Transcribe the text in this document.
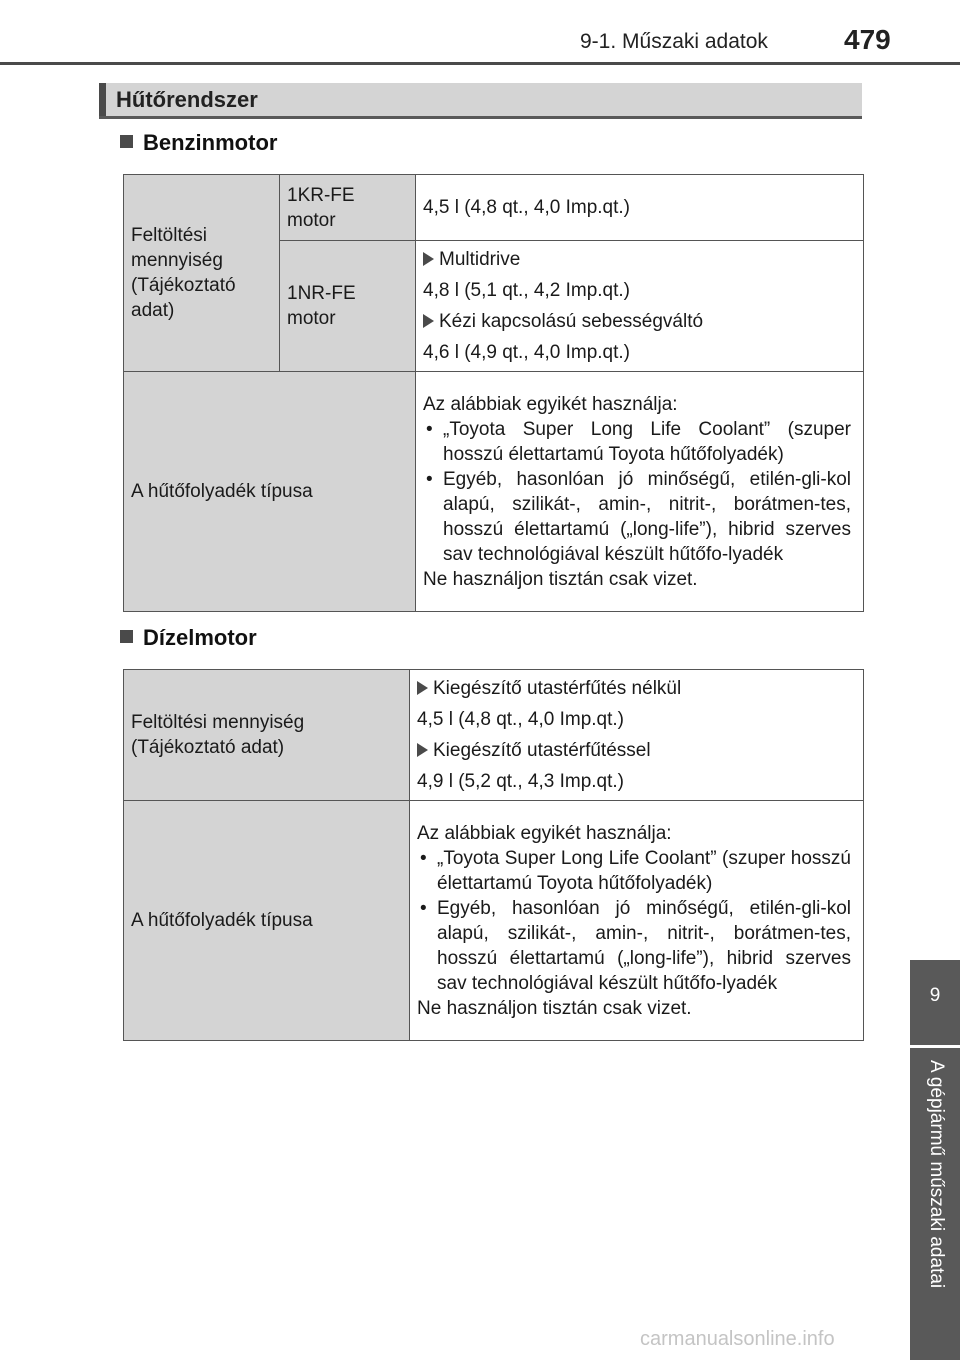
9-1. Műszaki adatok	479
Hűtőrendszer
Benzinmotor
Feltöltési mennyiség (Tájékoztató adat)	1KR-FE motor	4,5 l (4,8 qt., 4,0 Imp.qt.)
	1NR-FE motor	Multidrive
4,8 l (5,1 qt., 4,2 Imp.qt.)
Kézi kapcsolású sebességváltó
4,6 l (4,9 qt., 4,0 Imp.qt.)

A hűtőfolyadék típusa		Az alábbiak egyikét használja:
• „Toyota Super Long Life Coolant” (szuper hosszú élettartamú Toyota hűtőfolyadék)
• Egyéb, hasonlóan jó minőségű, etilén-gli-kol alapú, szilikát-, amin-, nitrit-, borátmen-tes, hosszú élettartamú („long-life”), hibrid szerves sav technológiával készült hűtőfo-lyadék
Ne használjon tisztán csak vizet.
Dízelmotor
Feltöltési mennyiség (Tájékoztató adat)	Kiegészítő utastérfűtés nélkül
4,5 l (4,8 qt., 4,0 Imp.qt.)
Kiegészítő utastérfűtéssel
4,9 l (5,2 qt., 4,3 Imp.qt.)

A hűtőfolyadék típusa	Az alábbiak egyikét használja:
• „Toyota Super Long Life Coolant” (szuper hosszú élettartamú Toyota hűtőfolyadék)
• Egyéb, hasonlóan jó minőségű, etilén-gli-kol alapú, szilikát-, amin-, nitrit-, borátmen-tes, hosszú élettartamú („long-life”), hibrid szerves sav technológiával készült hűtőfo-lyadék
Ne használjon tisztán csak vizet.
9
A gépjármű műszaki adatai
carmanualsonline.info
